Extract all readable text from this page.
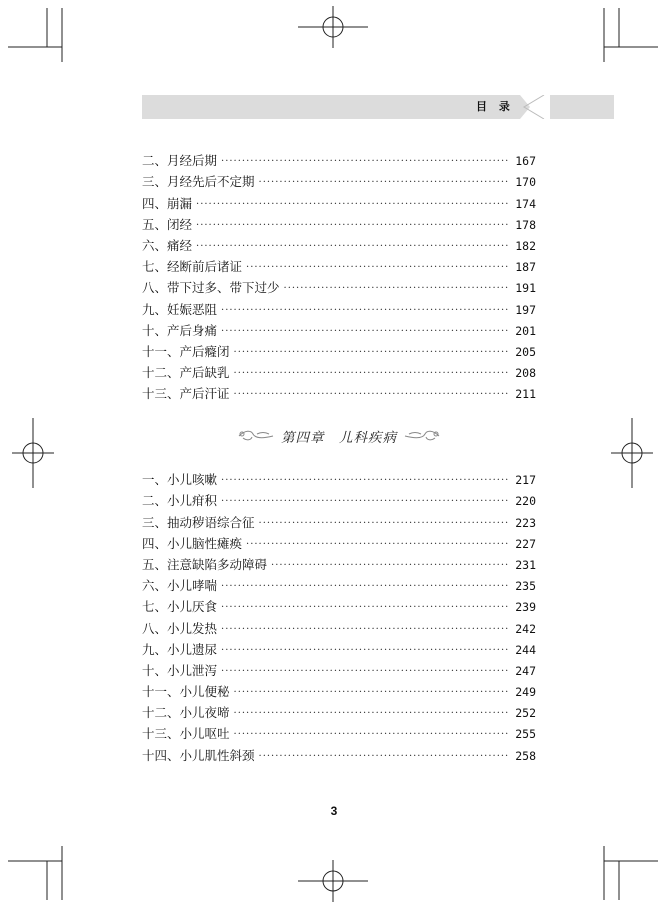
目 录
二、月经后期 ·····	167
三、月经先后不定期 ·····	170
四、崩漏 ·····	174
五、闭经 ·····	178
六、痛经 ·····	182
七、经断前后诸证 ·····	187
八、带下过多、带下过少 ·····	191
九、妊娠恶阻 ·····	197
十、产后身痛 ·····	201
十一、产后癃闭 ·····	205
十二、产后缺乳 ·····	208
十三、产后汗证 ·····	211
第四章　儿科疾病
一、小儿咳嗽 ·····	217
二、小儿疳积 ·····	220
三、抽动秽语综合征 ·····	223
四、小儿脑性瘫痪 ·····	227
五、注意缺陷多动障碍 ·····	231
六、小儿哮喘 ·····	235
七、小儿厌食 ·····	239
八、小儿发热 ·····	242
九、小儿遗尿 ·····	244
十、小儿泄泻 ·····	247
十一、小儿便秘 ·····	249
十二、小儿夜啼 ·····	252
十三、小儿呕吐 ·····	255
十四、小儿肌性斜颈 ·····	258
3
